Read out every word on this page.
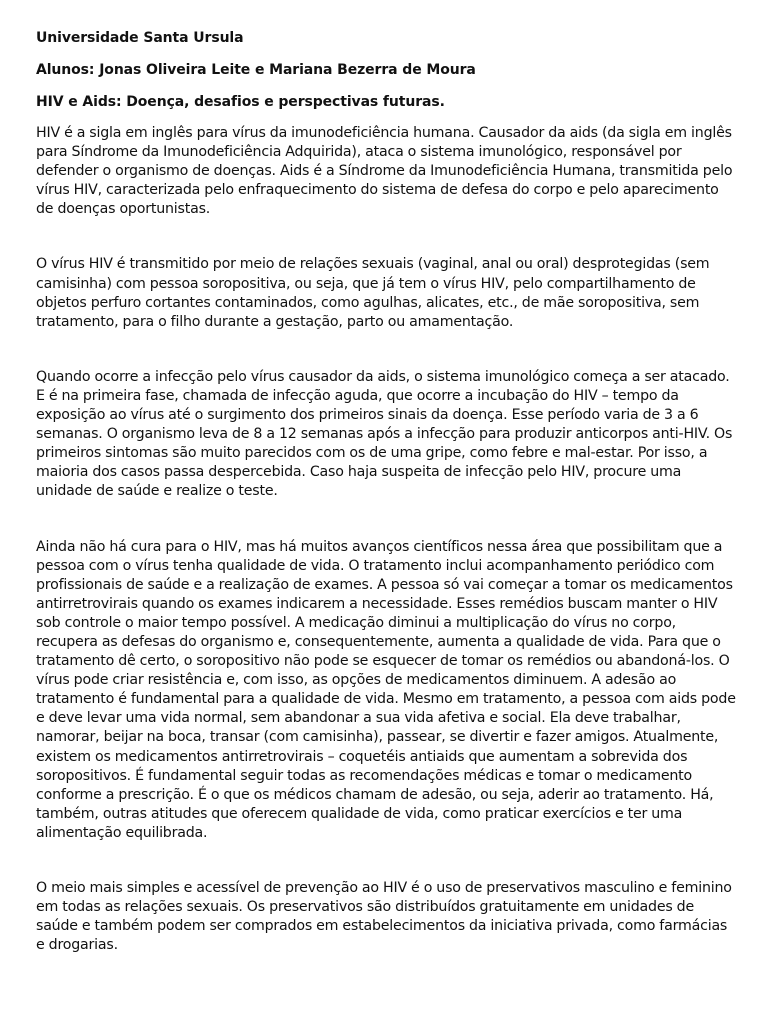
Universidade Santa Ursula

Alunos: Jonas Oliveira Leite e Mariana Bezerra de Moura

HIV e Aids: Doença, desafios e perspectivas futuras.

HIV é a sigla em inglês para vírus da imunodeficiência humana. Causador da aids (da sigla em inglês para Síndrome da Imunodeficiência Adquirida), ataca o sistema imunológico, responsável por defender o organismo de doenças. Aids é a Síndrome da Imunodeficiência Humana, transmitida pelo vírus HIV, caracterizada pelo enfraquecimento do sistema de defesa do corpo e pelo aparecimento de doenças oportunistas.

O vírus HIV é transmitido por meio de relações sexuais (vaginal, anal ou oral) desprotegidas (sem camisinha) com pessoa soropositiva, ou seja, que já tem o vírus HIV, pelo compartilhamento de objetos perfuro cortantes contaminados, como agulhas, alicates, etc., de mãe soropositiva, sem tratamento, para o filho durante a gestação, parto ou amamentação.

Quando ocorre a infecção pelo vírus causador da aids, o sistema imunológico começa a ser atacado. E é na primeira fase, chamada de infecção aguda, que ocorre a incubação do HIV – tempo da exposição ao vírus até o surgimento dos primeiros sinais da doença. Esse período varia de 3 a 6 semanas. O organismo leva de 8 a 12 semanas após a infecção para produzir anticorpos anti-HIV. Os primeiros sintomas são muito parecidos com os de uma gripe, como febre e mal-estar. Por isso, a maioria dos casos passa despercebida. Caso haja suspeita de infecção pelo HIV, procure uma unidade de saúde e realize o teste.

Ainda não há cura para o HIV, mas há muitos avanços científicos nessa área que possibilitam que a pessoa com o vírus tenha qualidade de vida. O tratamento inclui acompanhamento periódico com profissionais de saúde e a realização de exames. A pessoa só vai começar a tomar os medicamentos antirretrovirais quando os exames indicarem a necessidade. Esses remédios buscam manter o HIV sob controle o maior tempo possível. A medicação diminui a multiplicação do vírus no corpo, recupera as defesas do organismo e, consequentemente, aumenta a qualidade de vida. Para que o tratamento dê certo, o soropositivo não pode se esquecer de tomar os remédios ou abandoná-los. O vírus pode criar resistência e, com isso, as opções de medicamentos diminuem. A adesão ao tratamento é fundamental para a qualidade de vida. Mesmo em tratamento, a pessoa com aids pode e deve levar uma vida normal, sem abandonar a sua vida afetiva e social. Ela deve trabalhar, namorar, beijar na boca, transar (com camisinha), passear, se divertir e fazer amigos. Atualmente, existem os medicamentos antirretrovirais – coquetéis antiaids que aumentam a sobrevida dos soropositivos. É fundamental seguir todas as recomendações médicas e tomar o medicamento conforme a prescrição. É o que os médicos chamam de adesão, ou seja, aderir ao tratamento. Há, também, outras atitudes que oferecem qualidade de vida, como praticar exercícios e ter uma alimentação equilibrada.

O meio mais simples e acessível de prevenção ao HIV é o uso de preservativos masculino e feminino em todas as relações sexuais. Os preservativos são distribuídos gratuitamente em unidades de saúde e também podem ser comprados em estabelecimentos da iniciativa privada, como farmácias e drogarias.
